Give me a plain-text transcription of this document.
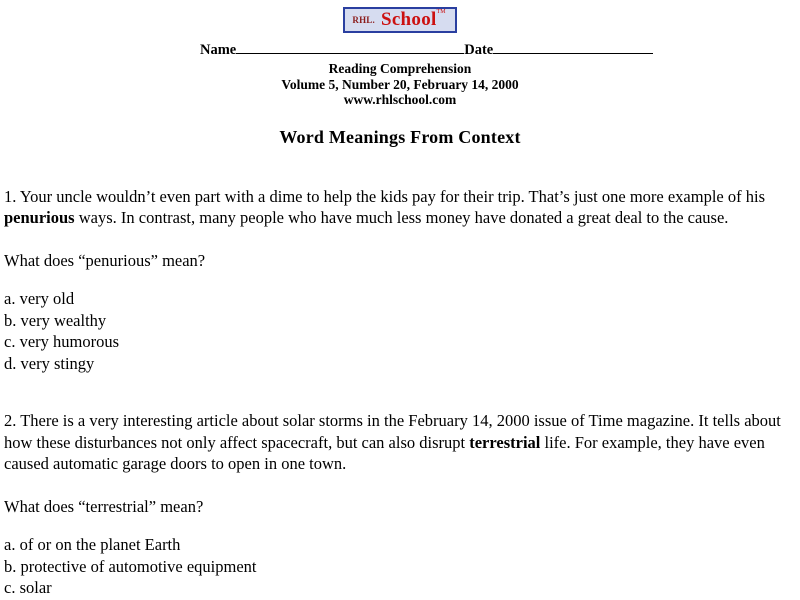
RHL. School™
Name	Date
Reading Comprehension
Volume 5, Number 20, February 14, 2000
www.rhlschool.com
Word Meanings From Context

1. Your uncle wouldn’t even part with a dime to help the kids pay for their trip. That’s just one more example of his penurious ways. In contrast, many people who have much less money have donated a great deal to the cause.

What does “penurious” mean?

a. very old
b. very wealthy
c. very humorous
d. very stingy

2. There is a very interesting article about solar storms in the February 14, 2000 issue of Time magazine. It tells about how these disturbances not only affect spacecraft, but can also disrupt terrestrial life. For example, they have even caused automatic garage doors to open in one town.

What does “terrestrial” mean?

a. of or on the planet Earth
b. protective of automotive equipment
c. solar
